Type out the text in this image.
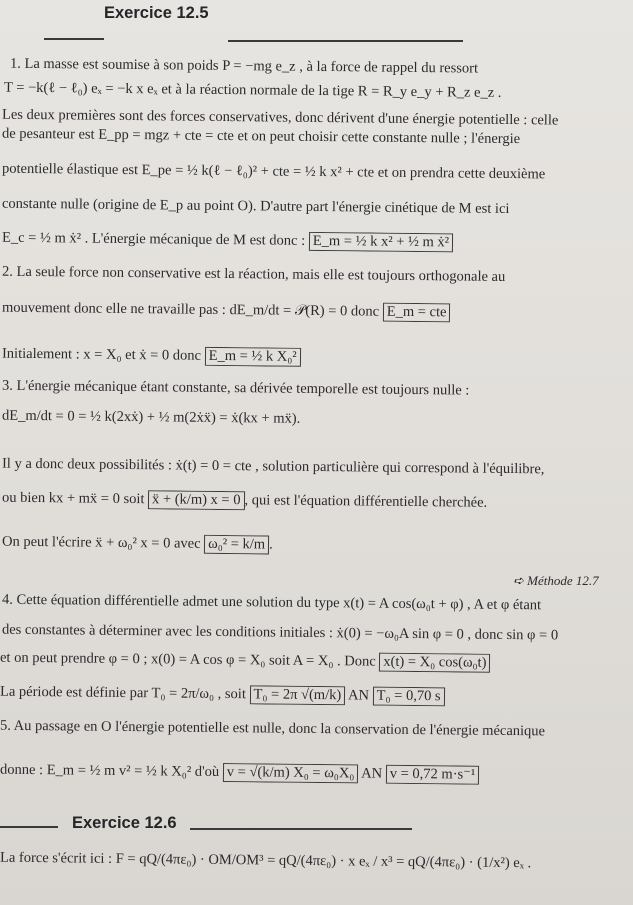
Exercice 12.5
1. La masse est soumise à son poids P = −mg e_z , à la force de rappel du ressort
T = −k(ℓ − ℓ₀) eₓ = −k x eₓ et à la réaction normale de la tige R = R_y e_y + R_z e_z .
Les deux premières sont des forces conservatives, donc dérivent d'une énergie potentielle : celle
de pesanteur est E_pp = mgz + cte = cte et on peut choisir cette constante nulle ; l'énergie
potentielle élastique est E_pe = ½ k(ℓ − ℓ₀)² + cte = ½ k x² + cte et on prendra cette deuxième
constante nulle (origine de E_p au point O). D'autre part l'énergie cinétique de M est ici
E_c = ½ m ẋ² . L'énergie mécanique de M est donc : E_m = ½ k x² + ½ m ẋ²
2. La seule force non conservative est la réaction, mais elle est toujours orthogonale au
mouvement donc elle ne travaille pas : dE_m/dt = 𝒫(R) = 0 donc E_m = cte
Initialement : x = X₀ et ẋ = 0 donc E_m = ½ k X₀²
3. L'énergie mécanique étant constante, sa dérivée temporelle est toujours nulle :
dE_m/dt = 0 = ½ k(2xẋ) + ½ m(2ẋẍ) = ẋ(kx + mẍ).
Il y a donc deux possibilités : ẋ(t) = 0 = cte , solution particulière qui correspond à l'équilibre,
ou bien kx + mẍ = 0 soit ẍ + (k/m) x = 0 , qui est l'équation différentielle cherchée.
On peut l'écrire ẍ + ω₀² x = 0 avec ω₀² = k/m .
➪ Méthode 12.7
4. Cette équation différentielle admet une solution du type x(t) = A cos(ω₀t + φ) , A et φ étant
des constantes à déterminer avec les conditions initiales : ẋ(0) = −ω₀A sin φ = 0 , donc sin φ = 0
et on peut prendre φ = 0 ; x(0) = A cos φ = X₀ soit A = X₀ . Donc x(t) = X₀ cos(ω₀t)
La période est définie par T₀ = 2π/ω₀ , soit T₀ = 2π √(m/k) AN T₀ = 0,70 s
5. Au passage en O l'énergie potentielle est nulle, donc la conservation de l'énergie mécanique
donne : E_m = ½ m v² = ½ k X₀² d'où v = √(k/m) X₀ = ω₀X₀ AN v = 0,72 m·s⁻¹
Exercice 12.6
La force s'écrit ici : F = qQ/(4πε₀) · OM/OM³ = qQ/(4πε₀) · x eₓ / x³ = qQ/(4πε₀) · (1/x²) eₓ .
